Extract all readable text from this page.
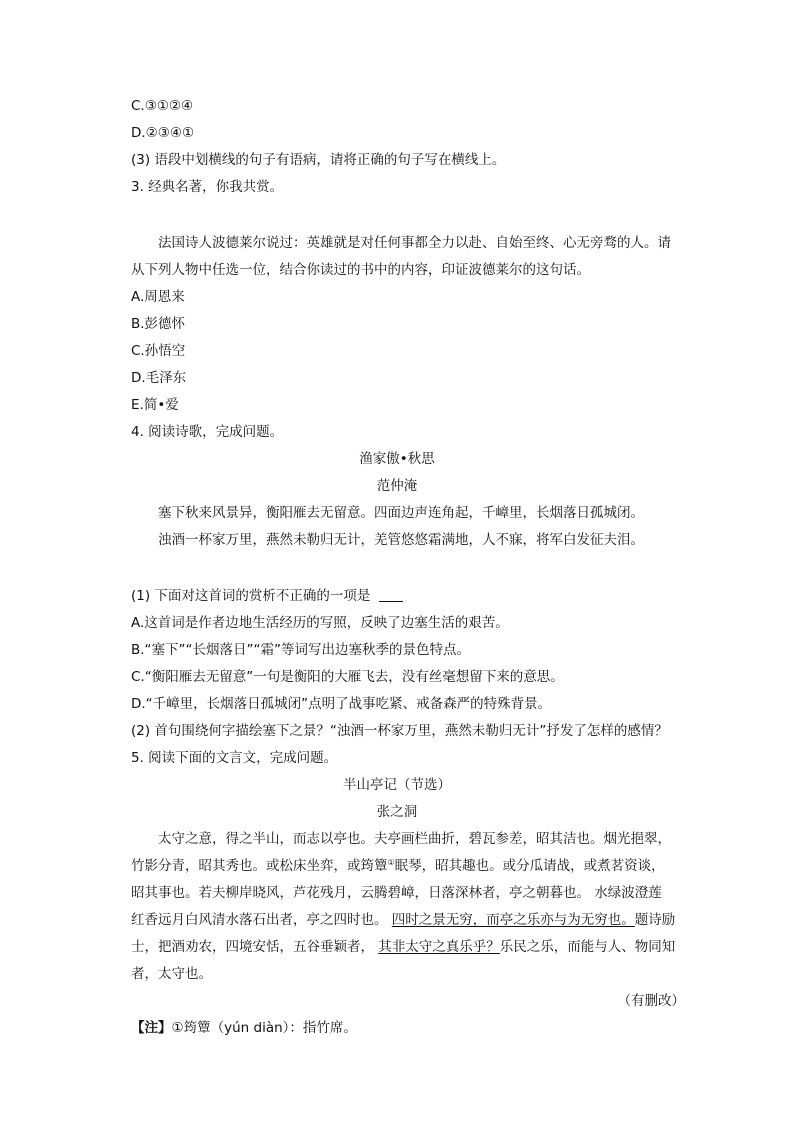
C.③①②④
D.②③④①
(3) 语段中划横线的句子有语病，请将正确的句子写在横线上。
3. 经典名著，你我共赏。
法国诗人波德莱尔说过：英雄就是对任何事都全力以赴、自始至终、心无旁骛的人。请
从下列人物中任选一位，结合你读过的书中的内容，印证波德莱尔的这句话。
A.周恩来
B.彭德怀
C.孙悟空
D.毛泽东
E.简•爱
4. 阅读诗歌，完成问题。
渔家傲•秋思
范仲淹
塞下秋来风景异，衡阳雁去无留意。四面边声连角起，千嶂里，长烟落日孤城闭。
浊酒一杯家万里，燕然未勒归无计，羌管悠悠霜满地，人不寐，将军白发征夫泪。
(1) 下面对这首词的赏析不正确的一项是
A.这首词是作者边地生活经历的写照，反映了边塞生活的艰苦。
B.“塞下”“长烟落日”“霜”等词写出边塞秋季的景色特点。
C.“衡阳雁去无留意”一句是衡阳的大雁飞去，没有丝毫想留下来的意思。
D.“千嶂里，长烟落日孤城闭”点明了战事吃紧、戒备森严的特殊背景。
(2) 首句围绕何字描绘塞下之景？“浊酒一杯家万里，燕然未勒归无计”抒发了怎样的感情？
5. 阅读下面的文言文，完成问题。
半山亭记（节选）
张之洞
太守之意，得之半山，而志以亭也。夫亭画栏曲折，碧瓦参差，昭其洁也。烟光挹翠，
竹影分青，昭其秀也。或松床坐弈，或筠簟①眠琴，昭其趣也。或分瓜请战，或煮茗资谈，
昭其事也。若夫柳岸晓风，芦花残月，云腾碧嶂，日落深林者，亭之朝暮也。 水绿波澄莲
红香远月白风清水落石出者，亭之四时也。 四时之景无穷，而亭之乐亦与为无穷也。题诗励
士，把酒劝农，四境安恬，五谷垂颖者， 其非太守之真乐乎？乐民之乐，而能与人、物同知
者，太守也。
（有删改）
【注】①筠簟（yún diàn）：指竹席。
